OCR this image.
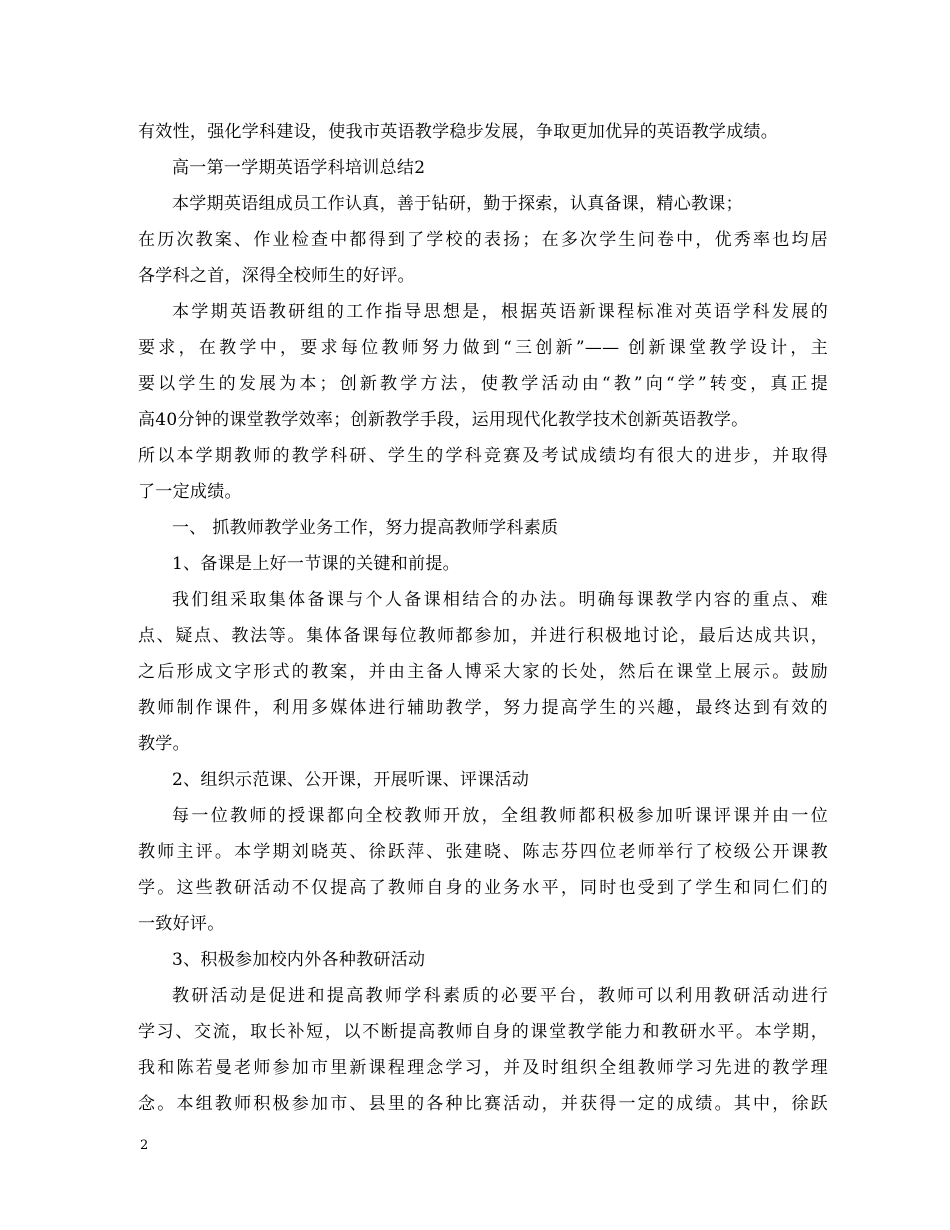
有效性，强化学科建设，使我市英语教学稳步发展，争取更加优异的英语教学成绩。
高一第一学期英语学科培训总结2
本学期英语组成员工作认真，善于钻研，勤于探索，认真备课，精心教课；
在历次教案、作业检查中都得到了学校的表扬；在多次学生问卷中，优秀率也均居
各学科之首，深得全校师生的好评。
本学期英语教研组的工作指导思想是，根据英语新课程标准对英语学科发展的
要求，在教学中，要求每位教师努力做到“三创新”—— 创新课堂教学设计，主
要以学生的发展为本；创新教学方法，使教学活动由“教”向“学”转变，真正提
高40分钟的课堂教学效率；创新教学手段，运用现代化教学技术创新英语教学。
所以本学期教师的教学科研、学生的学科竞赛及考试成绩均有很大的进步，并取得
了一定成绩。
一、 抓教师教学业务工作，努力提高教师学科素质
1、备课是上好一节课的关键和前提。
我们组采取集体备课与个人备课相结合的办法。明确每课教学内容的重点、难
点、疑点、教法等。集体备课每位教师都参加，并进行积极地讨论，最后达成共识，
之后形成文字形式的教案，并由主备人博采大家的长处，然后在课堂上展示。鼓励
教师制作课件，利用多媒体进行辅助教学，努力提高学生的兴趣，最终达到有效的
教学。
2、组织示范课、公开课，开展听课、评课活动
每一位教师的授课都向全校教师开放，全组教师都积极参加听课评课并由一位
教师主评。本学期刘晓英、徐跃萍、张建晓、陈志芬四位老师举行了校级公开课教
学。这些教研活动不仅提高了教师自身的业务水平，同时也受到了学生和同仁们的
一致好评。
3、积极参加校内外各种教研活动
教研活动是促进和提高教师学科素质的必要平台，教师可以利用教研活动进行
学习、交流，取长补短，以不断提高教师自身的课堂教学能力和教研水平。本学期，
我和陈若曼老师参加市里新课程理念学习，并及时组织全组教师学习先进的教学理
念。本组教师积极参加市、县里的各种比赛活动，并获得一定的成绩。其中，徐跃
2
